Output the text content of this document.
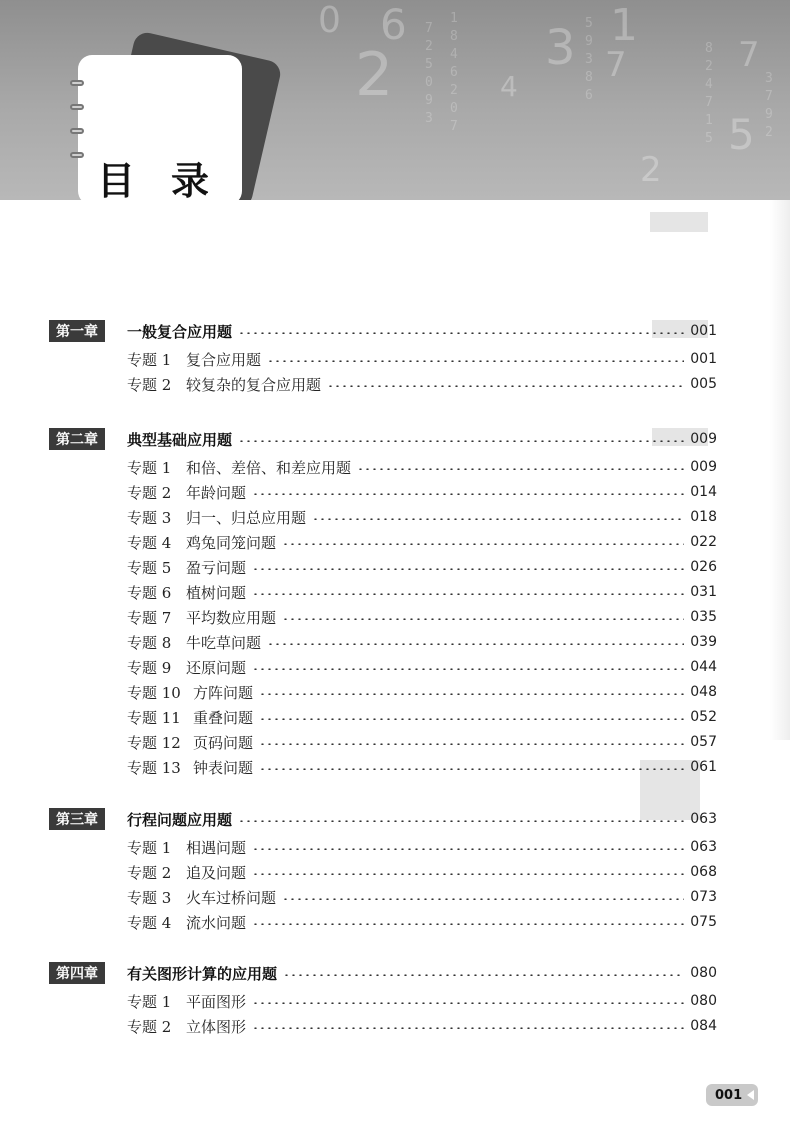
0 6
2	3 1
7
5
7
2
4
7 2 5 0 9 3
1 8 4 6 2 0 7
5 9 3 8 6
8 2 4 7 1 5
3 7 9 2
目 录
第一章	一般复合应用题	001
专题 1 复合应用题	001
专题 2 较复杂的复合应用题	005
第二章	典型基础应用题	009
专题 1 和倍、差倍、和差应用题	009
专题 2 年龄问题	014
专题 3 归一、归总应用题	018
专题 4 鸡兔同笼问题	022
专题 5 盈亏问题	026
专题 6 植树问题	031
专题 7 平均数应用题	035
专题 8 牛吃草问题	039
专题 9 还原问题	044
专题 10 方阵问题	048
专题 11 重叠问题	052
专题 12 页码问题	057
专题 13 钟表问题	061
第三章	行程问题应用题	063
专题 1 相遇问题	063
专题 2 追及问题	068
专题 3 火车过桥问题	073
专题 4 流水问题	075
第四章	有关图形计算的应用题	080
专题 1 平面图形	080
专题 2 立体图形	084
001
